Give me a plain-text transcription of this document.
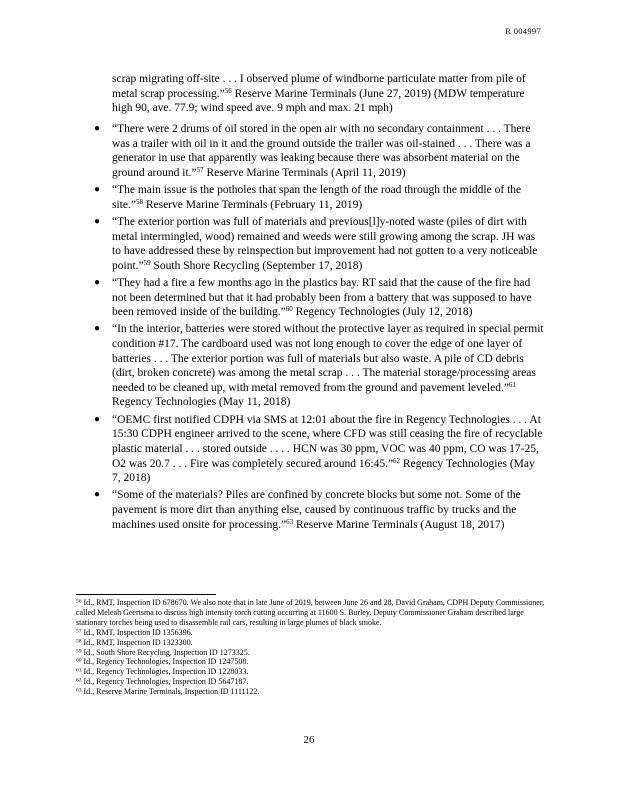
R 004997

scrap migrating off-site . . . I observed plume of windborne particulate matter from pile of metal scrap processing.”$^{56}$ Reserve Marine Terminals (June 27, 2019) (MDW temperature high 90, ave. 77.9; wind speed ave. 9 mph and max. 21 mph)

● “There were 2 drums of oil stored in the open air with no secondary containment . . . There was a trailer with oil in it and the ground outside the trailer was oil-stained . . . There was a generator in use that apparently was leaking because there was absorbent material on the ground around it.”$^{57}$ Reserve Marine Terminals (April 11, 2019)
● “The main issue is the potholes that span the length of the road through the middle of the site.”$^{58}$ Reserve Marine Terminals (February 11, 2019)
● “The exterior portion was full of materials and previous[l]y-noted waste (piles of dirt with metal intermingled, wood) remained and weeds were still growing among the scrap. JH was to have addressed these by reinspection but improvement had not gotten to a very noticeable point.”$^{59}$ South Shore Recycling (September 17, 2018)
● “They had a fire a few months ago in the plastics bay. RT said that the cause of the fire had not been determined but that it had probably been from a battery that was supposed to have been removed inside of the building.”$^{60}$ Regency Technologies (July 12, 2018)
● “In the interior, batteries were stored without the protective layer as required in special permit condition #17. The cardboard used was not long enough to cover the edge of one layer of batteries . . . The exterior portion was full of materials but also waste. A pile of CD debris (dirt, broken concrete) was among the metal scrap . . . The material storage/processing areas needed to be cleaned up, with metal removed from the ground and pavement leveled.”$^{61}$ Regency Technologies (May 11, 2018)
● “OEMC first notified CDPH via SMS at 12:01 about the fire in Regency Technologies . . . At 15:30 CDPH engineer arrived to the scene, where CFD was still ceasing the fire of recyclable plastic material . . . stored outside . . . . HCN was 30 ppm, VOC was 40 ppm, CO was 17-25, O2 was 20.7 . . . Fire was completely secured around 16:45.”$^{62}$ Regency Technologies (May 7, 2018)
● “Some of the materials? Piles are confined by concrete blocks but some not. Some of the pavement is more dirt than anything else, caused by continuous traffic by trucks and the machines used onsite for processing.”$^{63}$ Reserve Marine Terminals (August 18, 2017)

$^{56}$ Id., RMT, Inspection ID 678670. We also note that in late June of 2019, between June 26 and 28, David Graham, CDPH Deputy Commissioner, called Meleah Geertsma to discuss high intensity torch cutting occurring at 11600 S. Burley. Deputy Commissioner Graham described large stationary torches being used to disassemble rail cars, resulting in large plumes of black smoke.

$^{57}$ Id., RMT, Inspection ID 1356396.

$^{58}$ Id., RMT, Inspection ID 1323300.

$^{59}$ Id., South Shore Recycling, Inspection ID 1273325.

$^{60}$ Id., Regency Technologies, Inspection ID 1247508.

$^{61}$ Id., Regency Technologies, Inspection ID 1228033.

$^{62}$ Id., Regency Technologies, Inspection ID 5647187.

$^{63}$ Id., Reserve Marine Terminals, Inspection ID 1111122.

26
